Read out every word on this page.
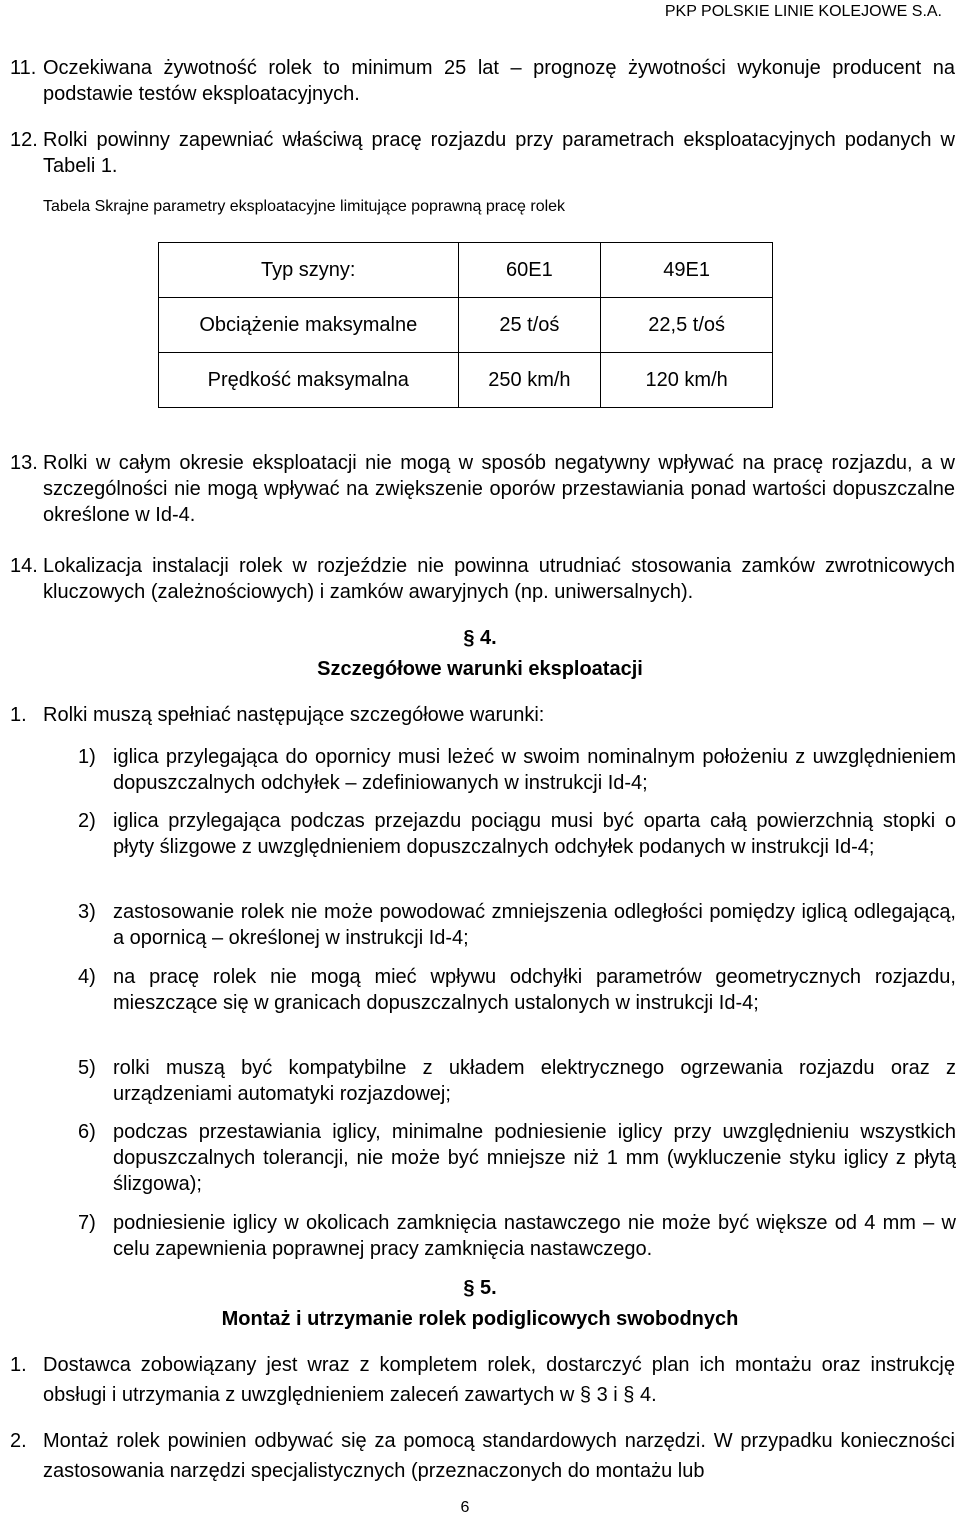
PKP POLSKIE LINIE KOLEJOWE S.A.
11. Oczekiwana żywotność rolek to minimum 25 lat – prognozę żywotności wykonuje producent na podstawie testów eksploatacyjnych.
12. Rolki powinny zapewniać właściwą pracę rozjazdu przy parametrach eksploatacyjnych podanych w Tabeli 1.
Tabela Skrajne parametry eksploatacyjne limitujące poprawną pracę rolek
Typ szyny:	60E1	49E1
Obciążenie maksymalne	25 t/oś	22,5 t/oś
Prędkość maksymalna	250 km/h	120 km/h
13. Rolki w całym okresie eksploatacji nie mogą w sposób negatywny wpływać na pracę rozjazdu, a w szczególności nie mogą wpływać na zwiększenie oporów przestawiania ponad wartości dopuszczalne określone w Id-4.
14. Lokalizacja instalacji rolek w rozjeździe nie powinna utrudniać stosowania zamków zwrotnicowych kluczowych (zależnościowych) i zamków awaryjnych (np. uniwersalnych).
§ 4.
Szczegółowe warunki eksploatacji
1. Rolki muszą spełniać następujące szczegółowe warunki:
1) iglica przylegająca do opornicy musi leżeć w swoim nominalnym położeniu z uwzględnieniem dopuszczalnych odchyłek – zdefiniowanych w instrukcji Id-4;
2) iglica przylegająca podczas przejazdu pociągu musi być oparta całą powierzchnią stopki o płyty ślizgowe z uwzględnieniem dopuszczalnych odchyłek podanych w instrukcji Id-4;
3) zastosowanie rolek nie może powodować zmniejszenia odległości pomiędzy iglicą odlegającą, a opornicą – określonej w instrukcji Id-4;
4) na pracę rolek nie mogą mieć wpływu odchyłki parametrów geometrycznych rozjazdu, mieszczące się w granicach dopuszczalnych ustalonych w instrukcji Id-4;
5) rolki muszą być kompatybilne z układem elektrycznego ogrzewania rozjazdu oraz z urządzeniami automatyki rozjazdowej;
6) podczas przestawiania iglicy, minimalne podniesienie iglicy przy uwzględnieniu wszystkich dopuszczalnych tolerancji, nie może być mniejsze niż 1 mm (wykluczenie styku iglicy z płytą ślizgowa);
7) podniesienie iglicy w okolicach zamknięcia nastawczego nie może być większe od 4 mm – w celu zapewnienia poprawnej pracy zamknięcia nastawczego.
§ 5.
Montaż i utrzymanie rolek podiglicowych swobodnych
1. Dostawca zobowiązany jest wraz z kompletem rolek, dostarczyć plan ich montażu oraz instrukcję obsługi i utrzymania z uwzględnieniem zaleceń zawartych w § 3 i § 4.
2. Montaż rolek powinien odbywać się za pomocą standardowych narzędzi. W przypadku konieczności zastosowania narzędzi specjalistycznych (przeznaczonych do montażu lub
6
